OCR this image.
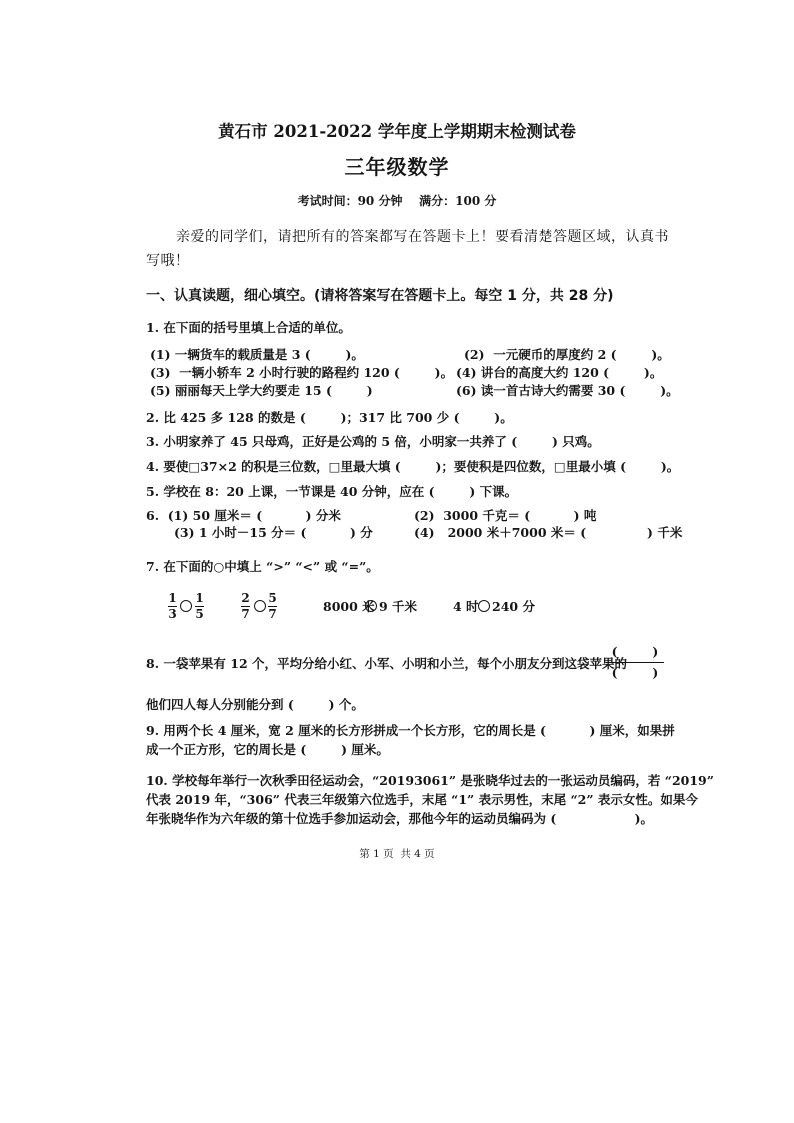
黄石市 2021-2022 学年度上学期期末检测试卷
三年级数学
考试时间：90 分钟    满分：100 分
亲爱的同学们，请把所有的答案都写在答题卡上！要看清楚答题区域，认真书
写哦！
一、认真读题，细心填空。(请将答案写在答题卡上。每空 1 分，共 28 分)
1. 在下面的括号里填上合适的单位。
(1) 一辆货车的载质量是 3 (        )。	(2)  一元硬币的厚度约 2 (        )。
(3)  一辆小轿车 2 小时行驶的路程约 120 (        )。 (4) 讲台的高度大约 120 (        )。
(5) 丽丽每天上学大约要走 15 (        )	(6) 读一首古诗大约需要 30 (        )。
2. 比 425 多 128 的数是 (        )；317 比 700 少 (        )。
3. 小明家养了 45 只母鸡，正好是公鸡的 5 倍，小明家一共养了 (        ) 只鸡。
4. 要使□37×2 的积是三位数，□里最大填 (        )；要使积是四位数，□里最小填 (        )。
5. 学校在 8：20 上课，一节课是 40 分钟，应在 (        ) 下课。
6.  (1) 50 厘米＝ (          ) 分米	(2)  3000 千克＝ (          ) 吨
(3) 1 小时－15 分＝ (          ) 分	(4)   2000 米＋7000 米＝ (              ) 千米
7. 在下面的○中填上 “>” “<” 或 “=”。
1
3
1
5
2
7
5
7	8000 米 9 千米	4 时 240 分
8. 一袋苹果有 12 个，平均分给小红、小军、小明和小兰，每个小朋友分到这袋苹果的
(        )
(        )
他们四人每人分别能分到 (        ) 个。
9. 用两个长 4 厘米，宽 2 厘米的长方形拼成一个长方形，它的周长是 (          ) 厘米，如果拼
成一个正方形，它的周长是 (        ) 厘米。
10. 学校每年举行一次秋季田径运动会，“20193061” 是张晓华过去的一张运动员编码，若 “2019”
代表 2019 年，“306” 代表三年级第六位选手，末尾 “1” 表示男性，末尾 “2” 表示女性。如果今
年张晓华作为六年级的第十位选手参加运动会，那他今年的运动员编码为 (                  )。
第 1 页  共 4 页
